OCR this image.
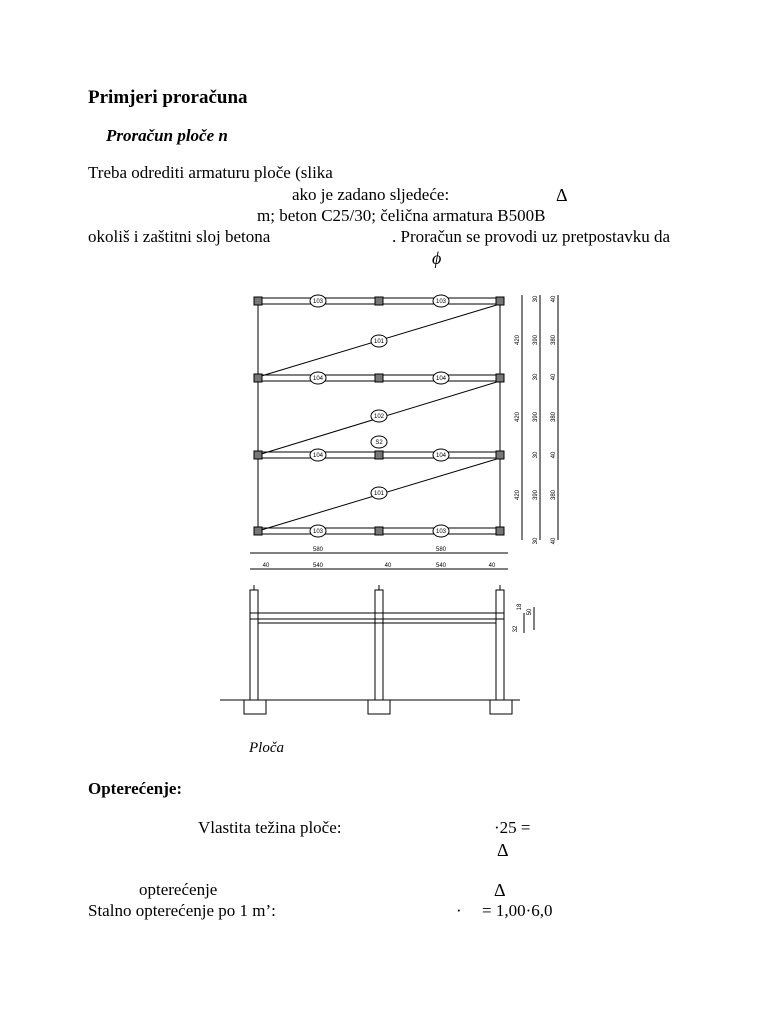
Primjeri proračuna
Proračun ploče n
Treba odrediti armaturu ploče (slika
ako je zadano sljedeće:	Δ
m; beton C25/30; čelična armatura B500B
okoliš i zaštitni sloj betona	. Proračun se provodi uz pretpostavku da
ϕ
103	103
104	104
104	104
103	103
101
102
S2
101
420
420
420
30
390
30
390
30
390
30
40
380
40
380
40
380
40
580	580
40	540	40	540	40
18
50
32
Ploča
Opterećenje:
Vlastita težina ploče:	·25 =
Δ
opterećenje	Δ
Stalno opterećenje po 1 m’:	· = 1,00·6,0
